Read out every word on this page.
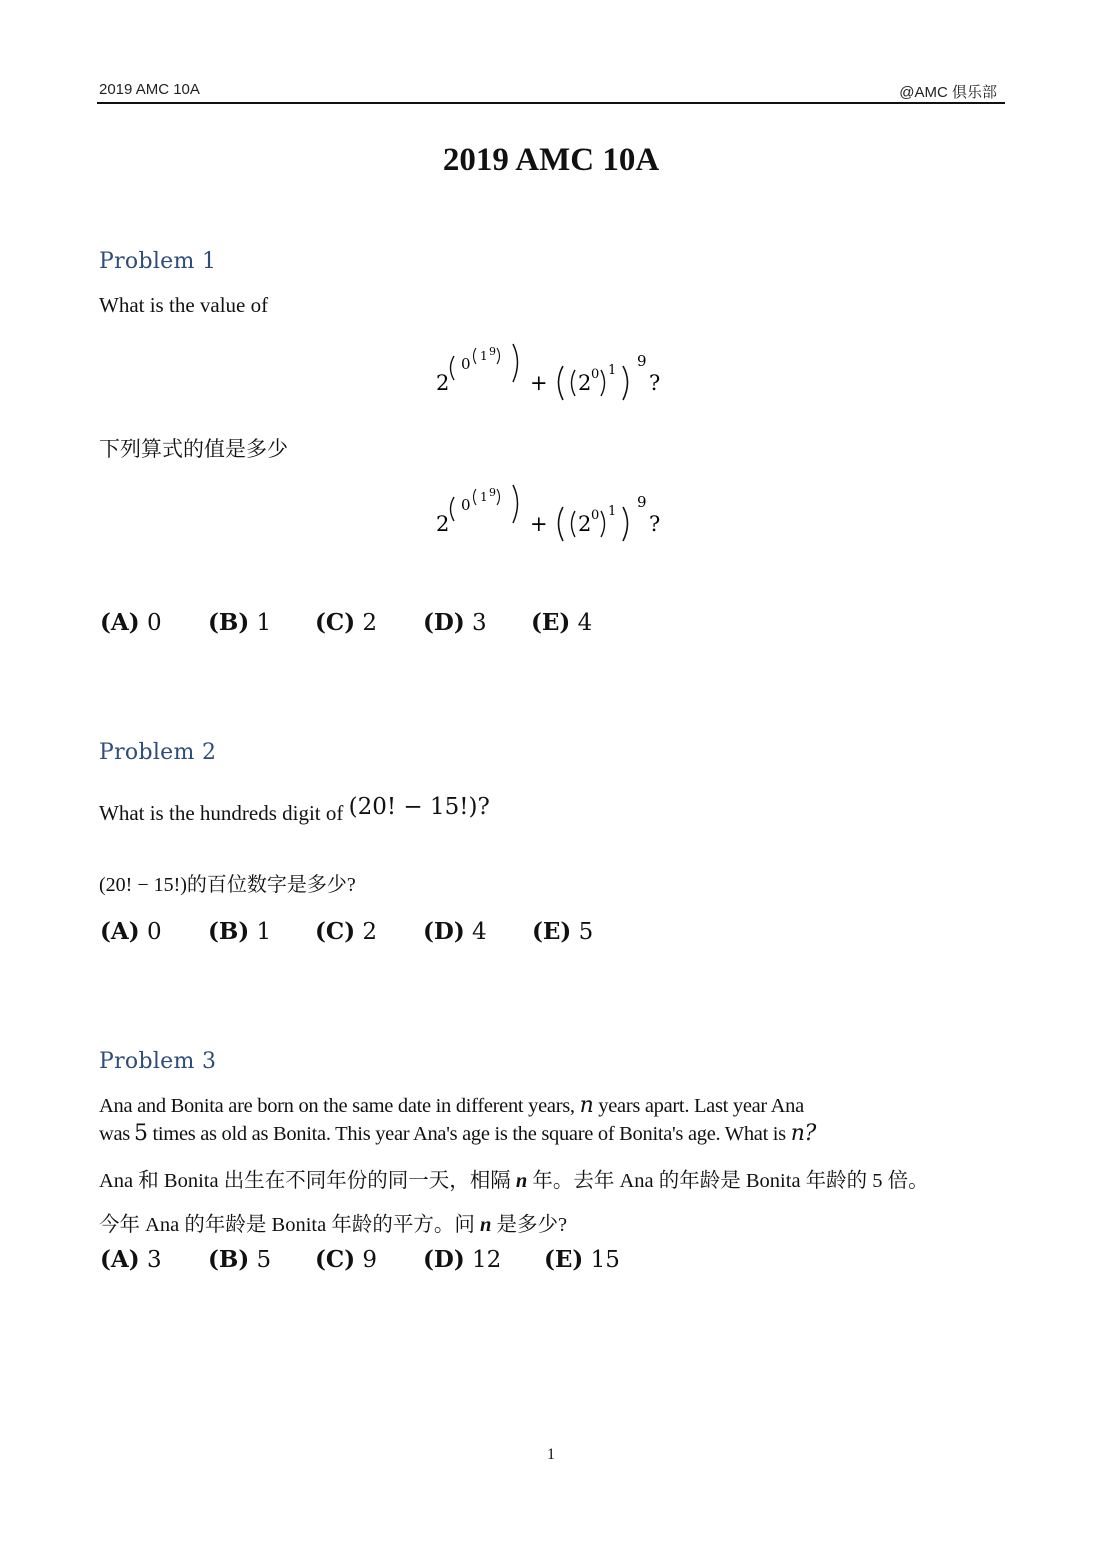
2019 AMC 10A	@AMC 俱乐部
2019 AMC 10A
Problem 1
What is the value of
2
0 1 9
+ 2 0 1
9
?
下列算式的值是多少
2
0 1 9
+ 2 0 1
9
?
(A) 0 (B) 1 (C) 2 (D) 3 (E) 4
Problem 2
What is the hundreds digit of (20! − 15!)?
(20! − 15!)的百位数字是多少?
(A) 0 (B) 1 (C) 2 (D) 4 (E) 5
Problem 3
Ana and Bonita are born on the same date in different years, n years apart. Last year Ana
was 5 times as old as Bonita. This year Ana's age is the square of Bonita's age. What is n?
Ana 和 Bonita 出生在不同年份的同一天，相隔 n 年。去年 Ana 的年龄是 Bonita 年龄的 5 倍。
今年 Ana 的年龄是 Bonita 年龄的平方。问 n 是多少?
(A) 3 (B) 5 (C) 9 (D) 12 (E) 15
1
